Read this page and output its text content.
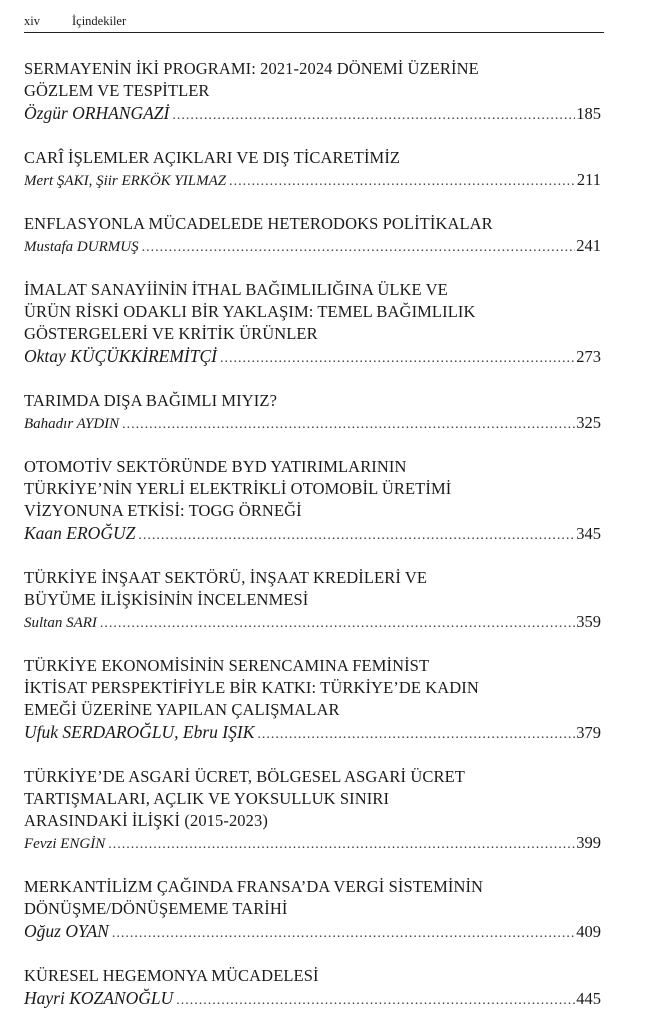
xiv	İçindekiler

SERMAYENİN İKİ PROGRAMI: 2021-2024 DÖNEMİ ÜZERİNE
GÖZLEM VE TESPİTLER

Özgür ORHANGAZİ .....	185

CARÎ İŞLEMLER AÇIKLARI VE DIŞ TİCARETİMİZ

Mert ŞAKI, Şiir ERKÖK YILMAZ .....	211

ENFLASYONLA MÜCADELEDE HETERODOKS POLİTİKALAR

Mustafa DURMUŞ .....	241

İMALAT SANAYİİNİN İTHAL BAĞIMLILIĞINA ÜLKE VE
ÜRÜN RİSKİ ODAKLI BİR YAKLAŞIM: TEMEL BAĞIMLILIK
GÖSTERGELERİ VE KRİTİK ÜRÜNLER

Oktay KÜÇÜKKİREMİTÇİ .....	273

TARIMDA DIŞA BAĞIMLI MIYIZ?

Bahadır AYDIN .....	325

OTOMOTİV SEKTÖRÜNDE BYD YATIRIMLARININ
TÜRKİYE’NİN YERLİ ELEKTRİKLİ OTOMOBİL ÜRETİMİ
VİZYONUNA ETKİSİ: TOGG ÖRNEĞİ

Kaan EROĞUZ .....	345

TÜRKİYE İNŞAAT SEKTÖRÜ, İNŞAAT KREDİLERİ VE
BÜYÜME İLİŞKİSİNİN İNCELENMESİ

Sultan SARI .....	359

TÜRKİYE EKONOMİSİNİN SERENCAMINA FEMİNİST
İKTİSAT PERSPEKTİFİYLE BİR KATKI: TÜRKİYE’DE KADIN
EMEĞİ ÜZERİNE YAPILAN ÇALIŞMALAR

Ufuk SERDAROĞLU, Ebru IŞIK .....	379

TÜRKİYE’DE ASGARİ ÜCRET, BÖLGESEL ASGARİ ÜCRET
TARTIŞMALARI, AÇLIK VE YOKSULLUK SINIRI
ARASINDAKİ İLİŞKİ (2015-2023)

Fevzi ENGİN .....	399

MERKANTİLİZM ÇAĞINDA FRANSA’DA VERGİ SİSTEMİNİN
DÖNÜŞME/DÖNÜŞEMEME TARİHİ

Oğuz OYAN .....	409

KÜRESEL HEGEMONYA MÜCADELESİ

Hayri KOZANOĞLU .....	445
